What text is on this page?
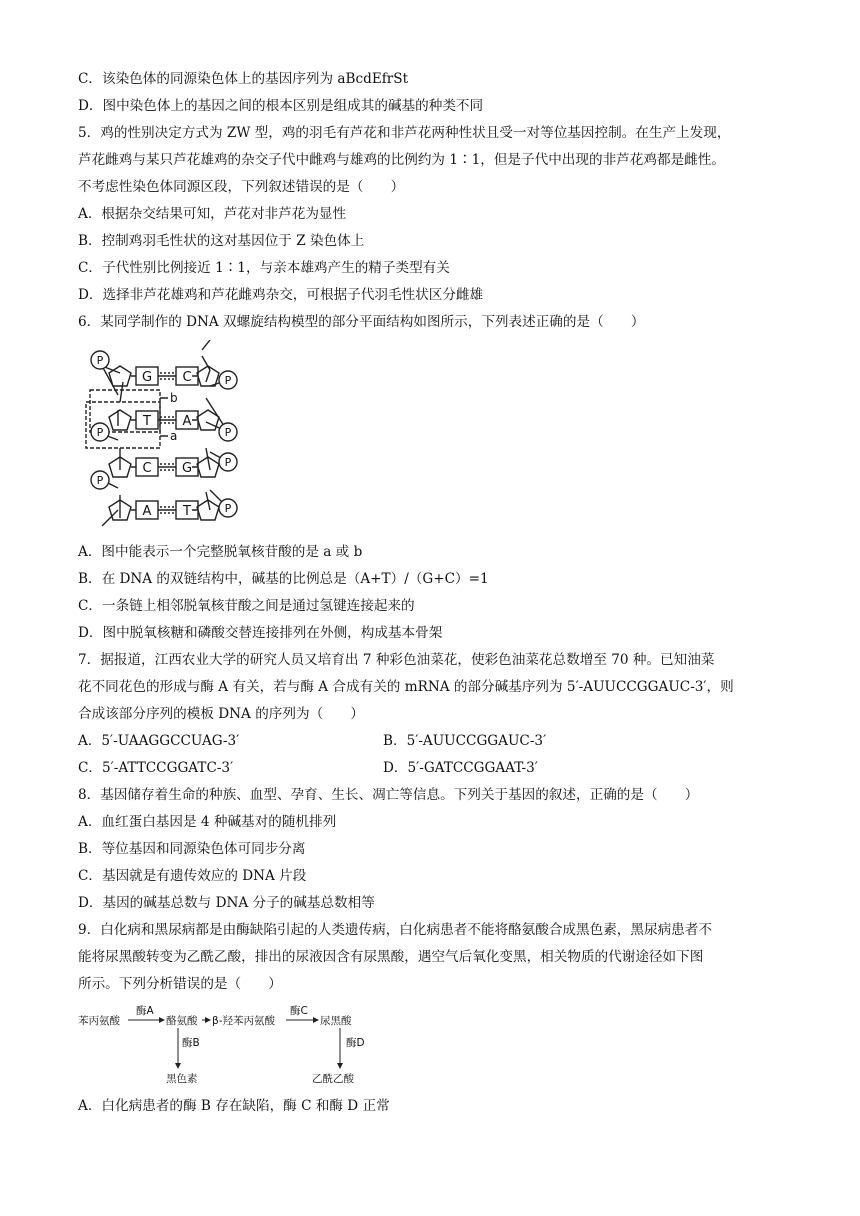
C．该染色体的同源染色体上的基因序列为 aBcdEfrSt
D．图中染色体上的基因之间的根本区别是组成其的碱基的种类不同
5．鸡的性别决定方式为 ZW 型，鸡的羽毛有芦花和非芦花两种性状且受一对等位基因控制。在生产上发现，
芦花雌鸡与某只芦花雄鸡的杂交子代中雌鸡与雄鸡的比例约为 1∶1，但是子代中出现的非芦花鸡都是雌性。
不考虑性染色体同源区段，下列叙述错误的是（　　）
A．根据杂交结果可知，芦花对非芦花为显性
B．控制鸡羽毛性状的这对基因位于 Z 染色体上
C．子代性别比例接近 1∶1，与亲本雄鸡产生的精子类型有关
D．选择非芦花雄鸡和芦花雌鸡杂交，可根据子代羽毛性状区分雌雄
6．某同学制作的 DNA 双螺旋结构模型的部分平面结构如图所示，下列表述正确的是（　　）
P
P
P
P
P
P
P
G
T
C
A
C
A
G
T
b
a
A．图中能表示一个完整脱氧核苷酸的是 a 或 b
B．在 DNA 的双链结构中，碱基的比例总是（A+T）/（G+C）=1
C．一条链上相邻脱氧核苷酸之间是通过氢键连接起来的
D．图中脱氧核糖和磷酸交替连接排列在外侧，构成基本骨架
7．据报道，江西农业大学的研究人员又培育出 7 种彩色油菜花，使彩色油菜花总数增至 70 种。已知油菜
花不同花色的形成与酶 A 有关，若与酶 A 合成有关的 mRNA 的部分碱基序列为 5′-AUUCCGGAUC-3′，则
合成该部分序列的模板 DNA 的序列为（　　）
A．5′-UAAGGCCUAG-3′	B．5′-AUUCCGGAUC-3′
C．5′-ATTCCGGATC-3′	D．5′-GATCCGGAAT-3′
8．基因储存着生命的种族、血型、孕育、生长、凋亡等信息。下列关于基因的叙述，正确的是（　　）
A．血红蛋白基因是 4 种碱基对的随机排列
B．等位基因和同源染色体可同步分离
C．基因就是有遗传效应的 DNA 片段
D．基因的碱基总数与 DNA 分子的碱基总数相等
9．白化病和黑尿病都是由酶缺陷引起的人类遗传病，白化病患者不能将酪氨酸合成黑色素，黑尿病患者不
能将尿黑酸转变为乙酰乙酸，排出的尿液因含有尿黑酸，遇空气后氧化变黑，相关物质的代谢途径如下图
所示。下列分析错误的是（　　）
苯丙氨酸
酶A
酪氨酸 β-羟苯丙氨酸
酶C
尿黑酸
酶B
黑色素
酶D
乙酰乙酸
A．白化病患者的酶 B 存在缺陷，酶 C 和酶 D 正常
